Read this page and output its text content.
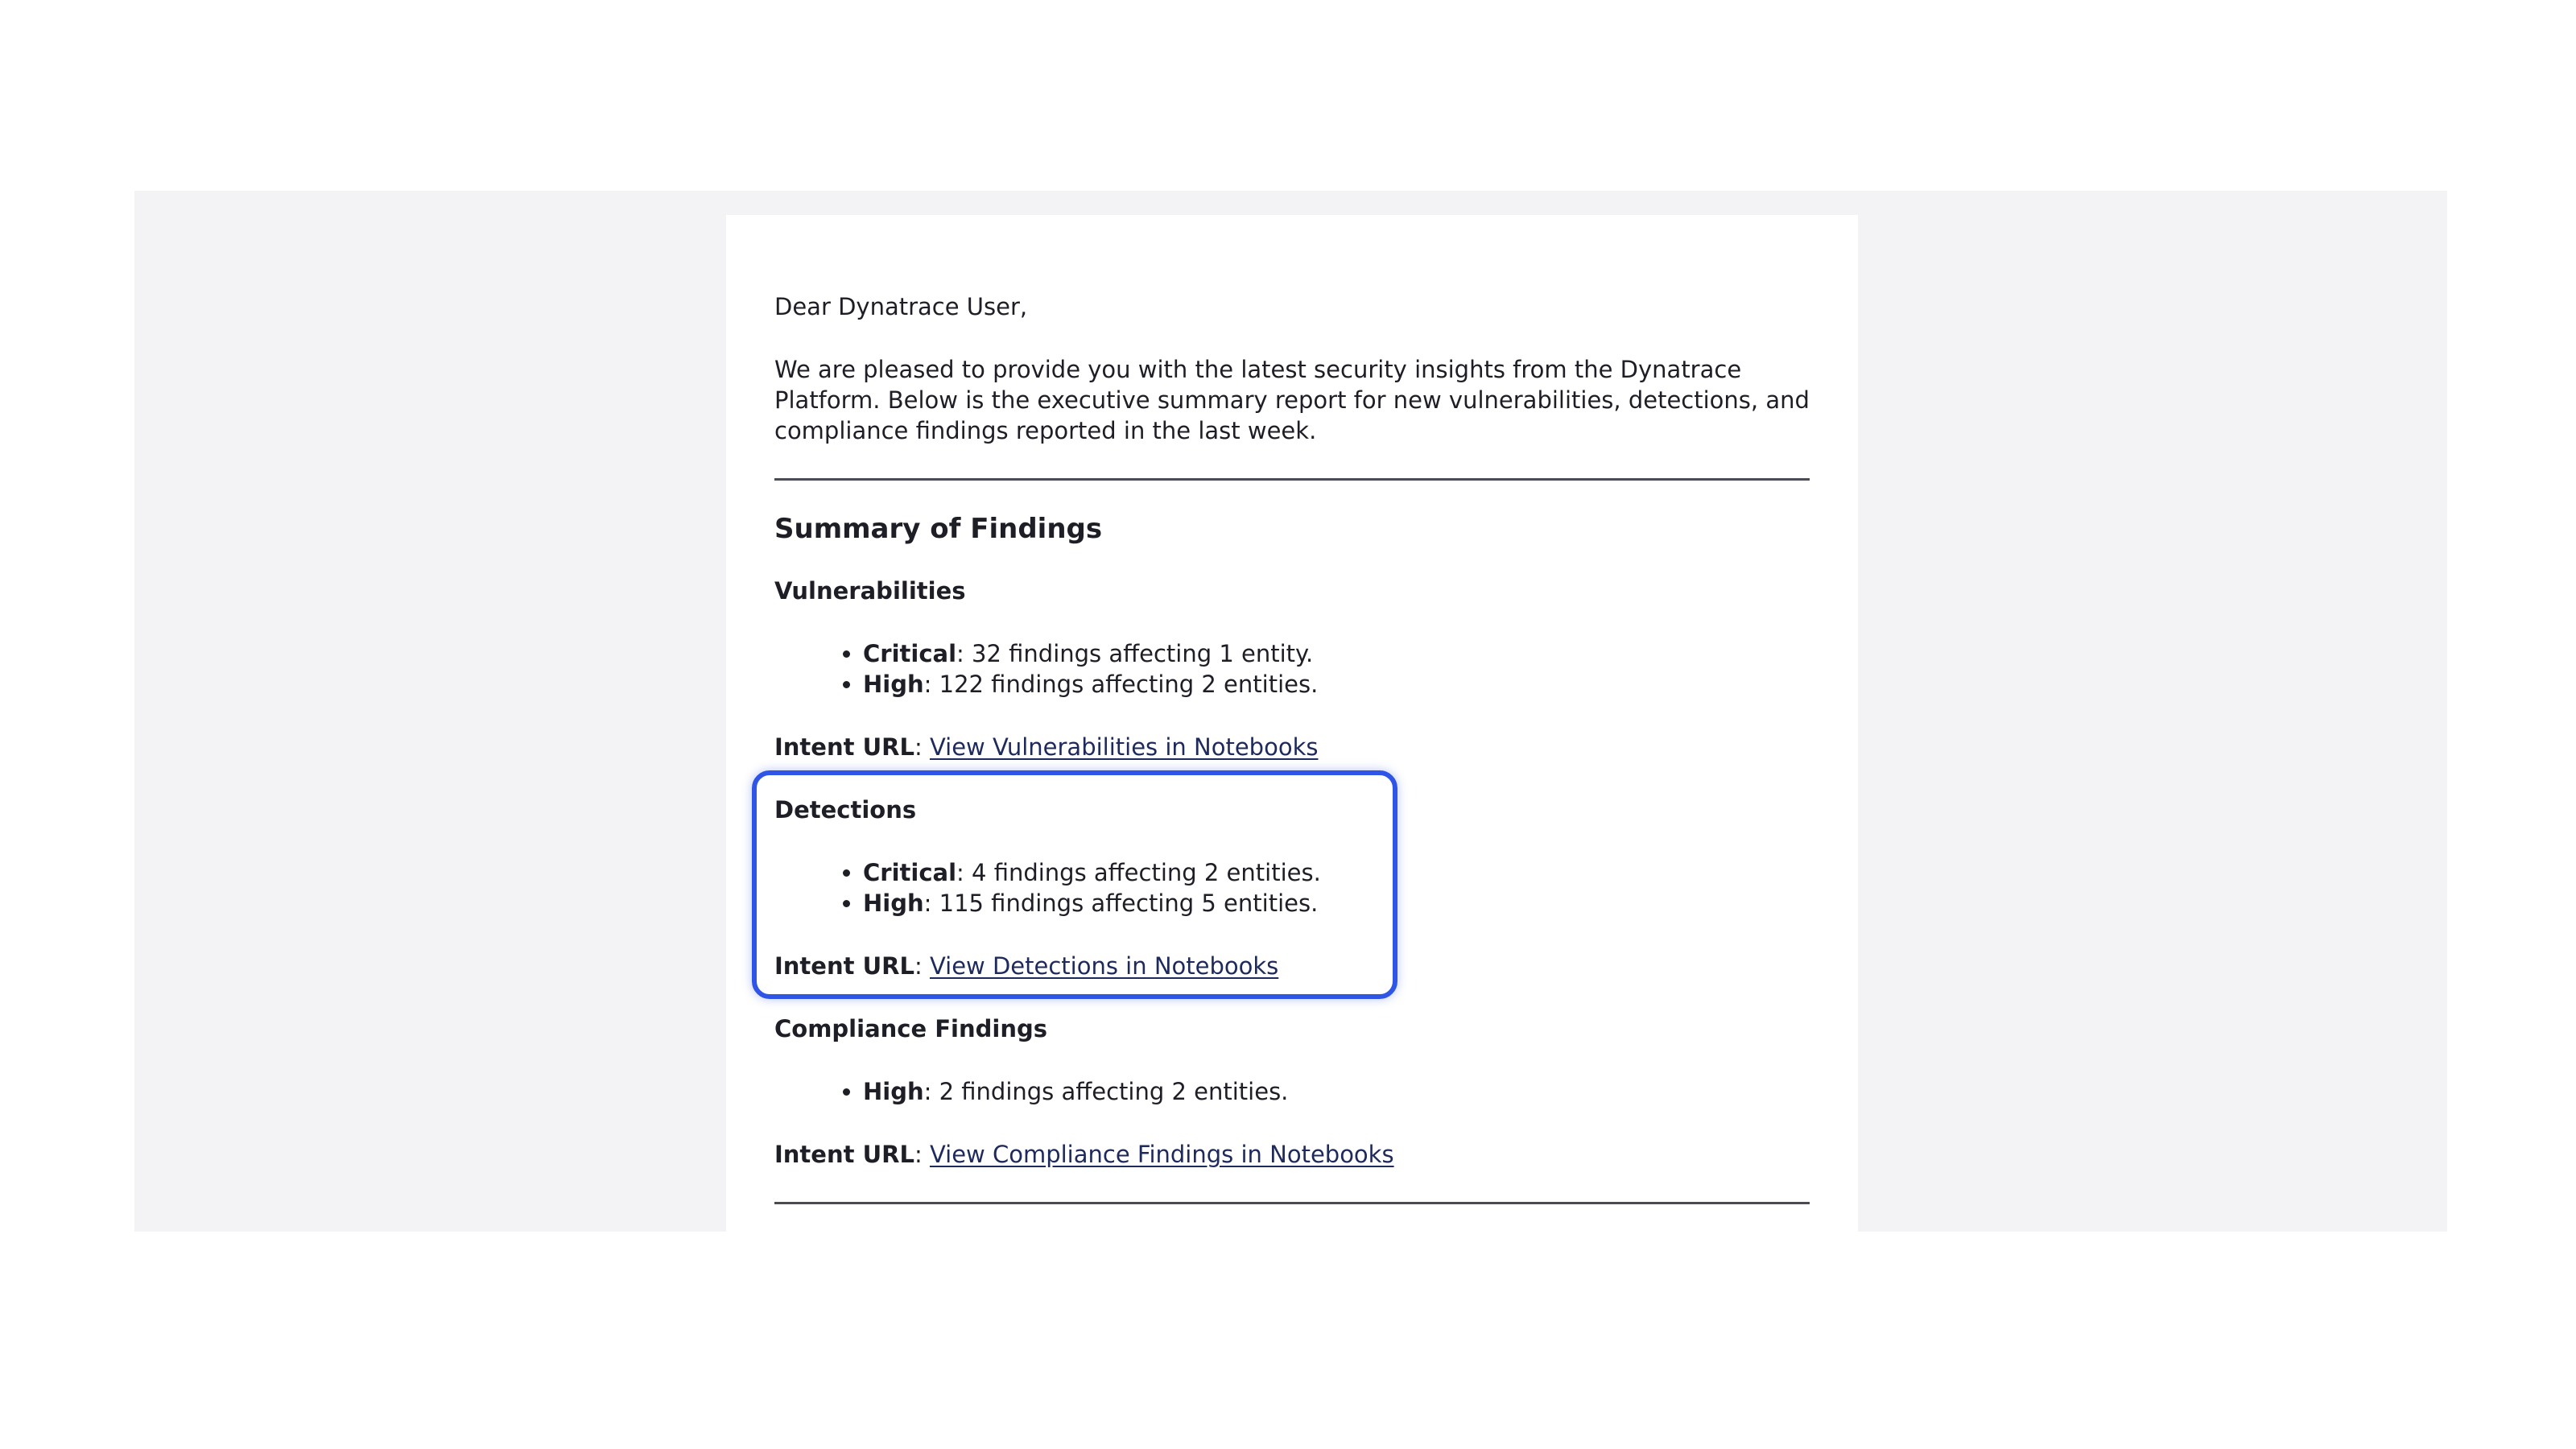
Dear Dynatrace User,

We are pleased to provide you with the latest security insights from the Dynatrace Platform. Below is the executive summary report for new vulnerabilities, detections, and compliance findings reported in the last week.

Summary of Findings
Vulnerabilities
• Critical: 32 findings affecting 1 entity.
• High: 122 findings affecting 2 entities.
Intent URL: View Vulnerabilities in Notebooks
Detections
• Critical: 4 findings affecting 2 entities.
• High: 115 findings affecting 5 entities.
Intent URL: View Detections in Notebooks
Compliance Findings
• High: 2 findings affecting 2 entities.
Intent URL: View Compliance Findings in Notebooks
